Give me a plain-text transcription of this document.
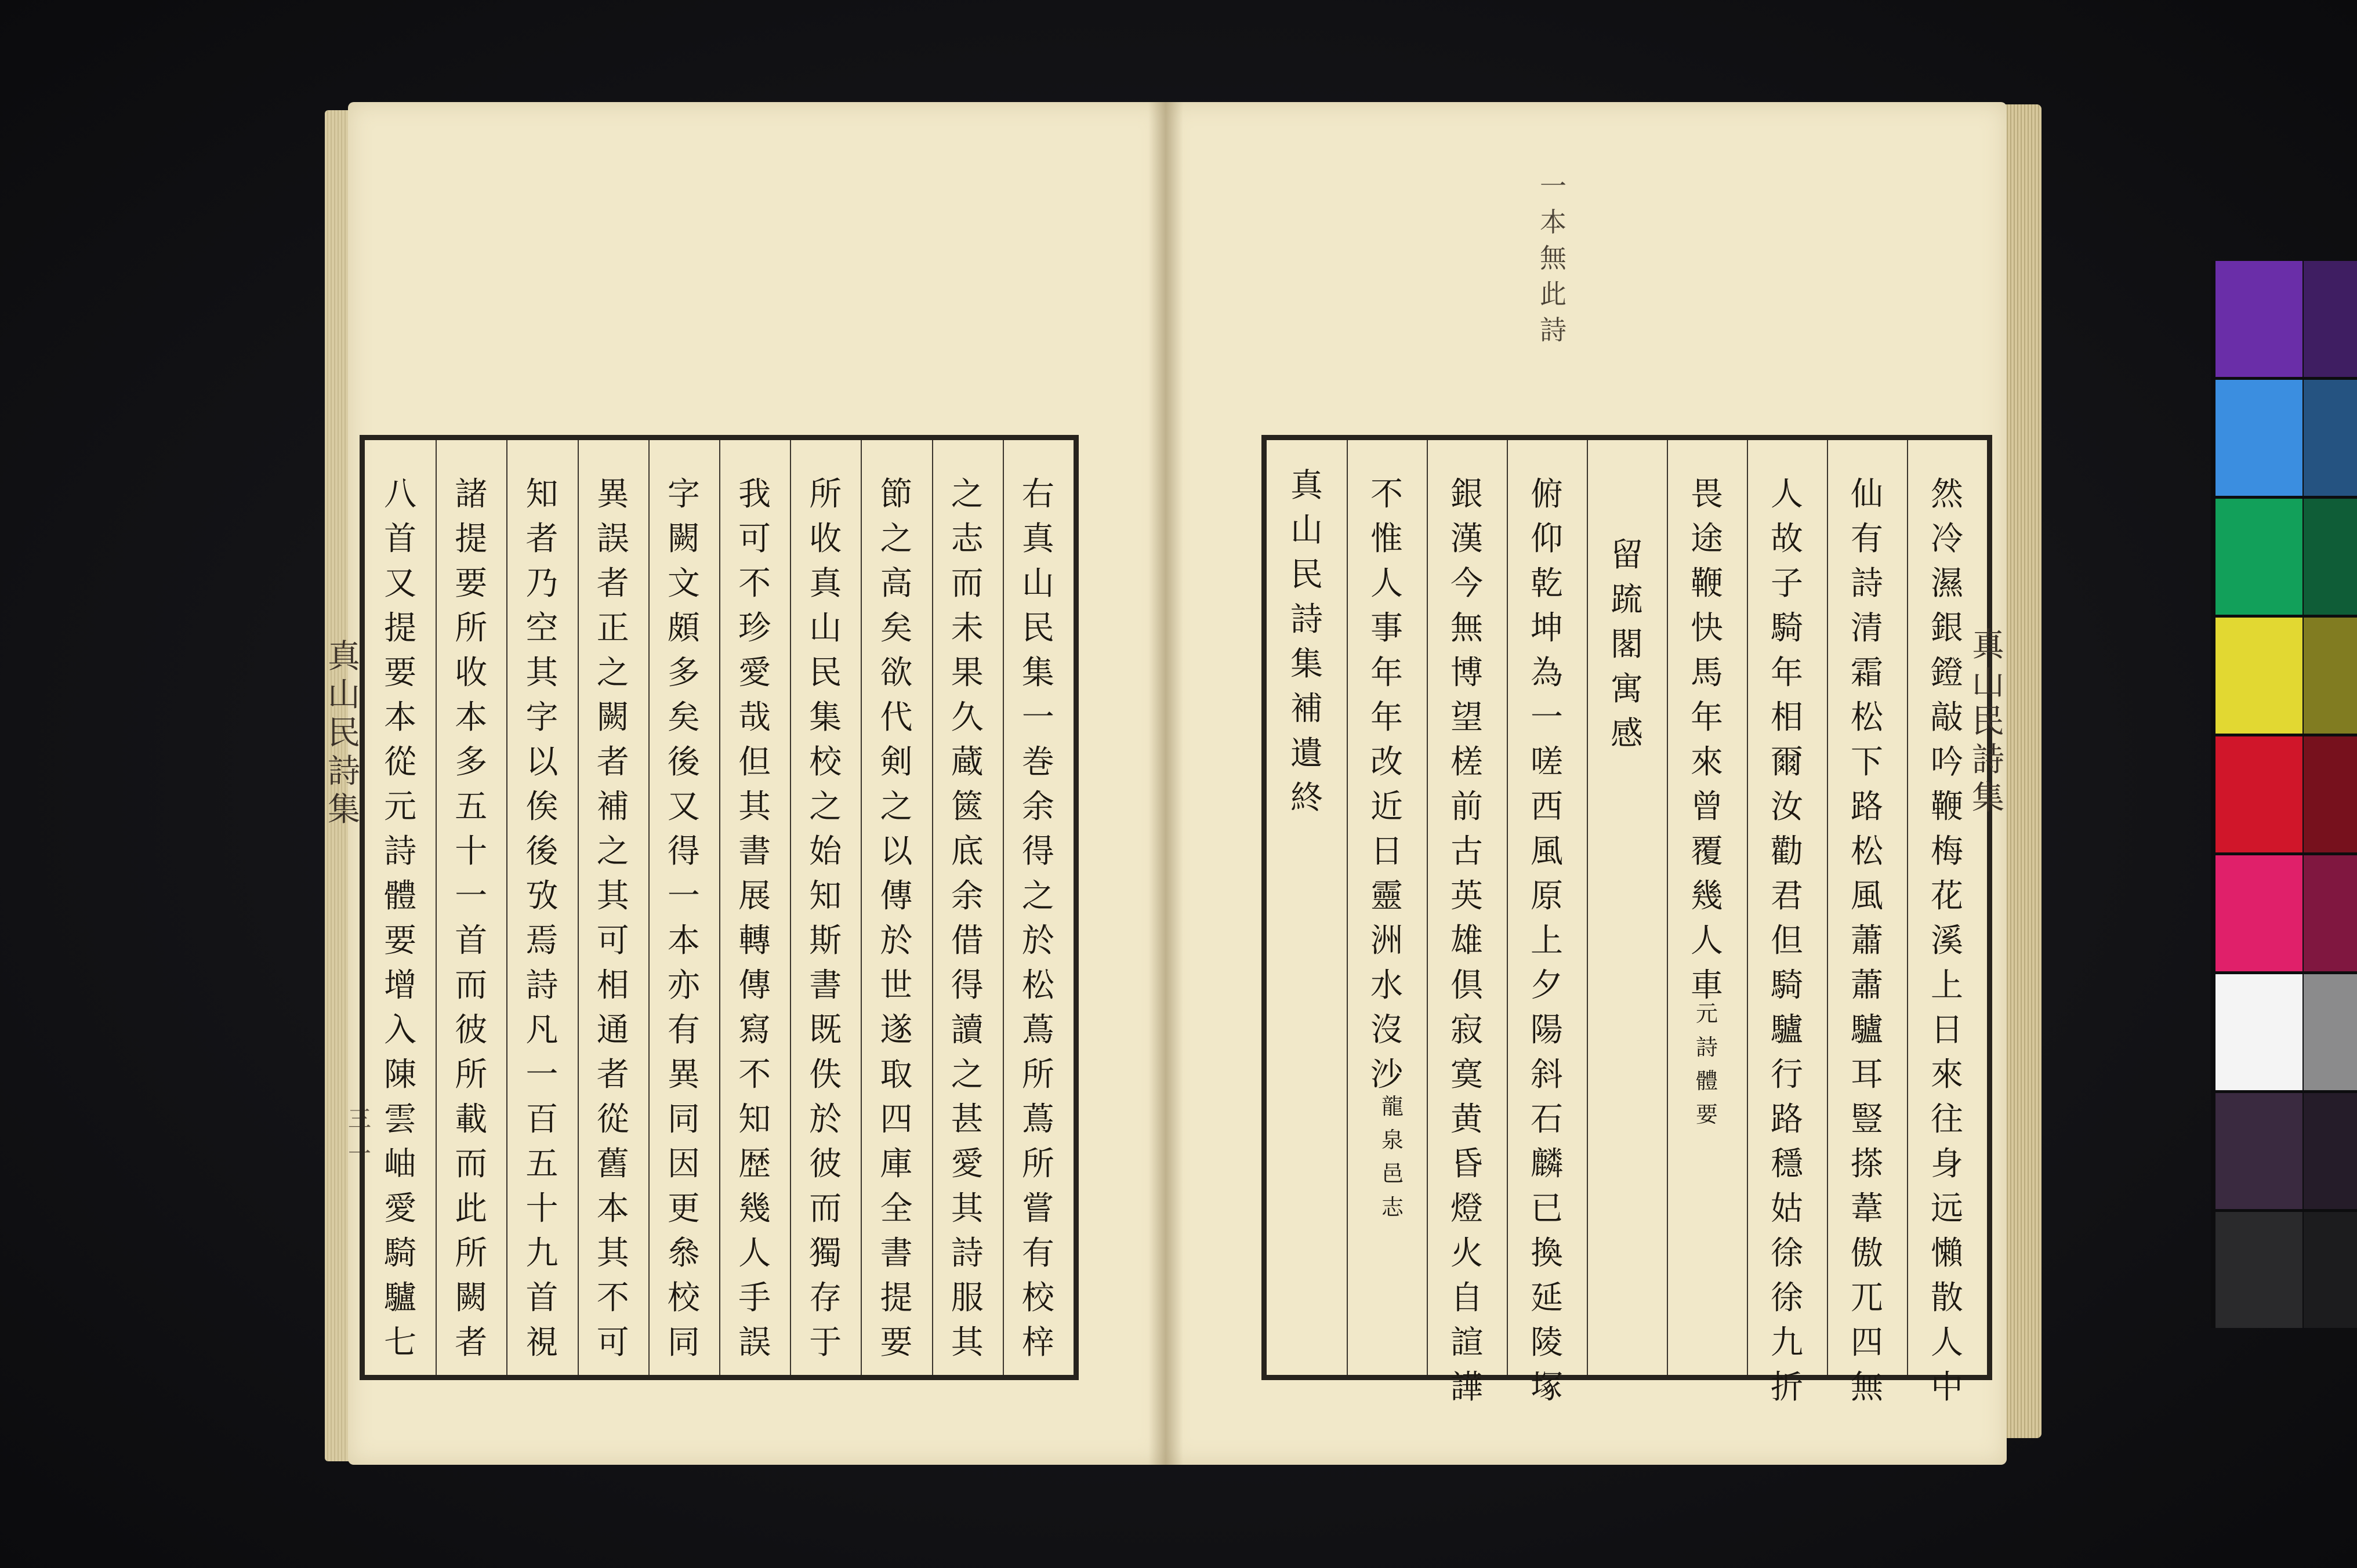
真
山
民
詩
集
三
一
右
真
山
民
集
一
巻
余
得
之
於
松
蔦
所
蔦
所
嘗
有
校
梓
之
志
而
未
果
久
蔵
篋
底
余
借
得
讀
之
甚
愛
其
詩
服
其
節
之
高
矣
欲
代
剣
之
以
傳
於
世
遂
取
四
庫
全
書
提
要
所
收
真
山
民
集
校
之
始
知
斯
書
既
佚
於
彼
而
獨
存
于
我
可
不
珍
愛
哉
但
其
書
展
轉
傳
寫
不
知
歴
幾
人
手
誤
字
闕
文
頗
多
矣
後
又
得
一
本
亦
有
異
同
因
更
叅
校
同
異
誤
者
正
之
闕
者
補
之
其
可
相
通
者
從
舊
本
其
不
可
知
者
乃
空
其
字
以
俟
後
攷
焉
詩
凡
一
百
五
十
九
首
視
諸
提
要
所
收
本
多
五
十
一
首
而
彼
所
載
而
此
所
闕
者
八
首
又
提
要
本
從
元
詩
體
要
增
入
陳
雲
岫
愛
騎
驢
七
一
本
無
此
詩
真
山
民
詩
集
補
遺
終
不
惟
人
事
年
年
改
近
日
靈
洲
水
沒
沙
銀
漢
今
無
博
望
槎
前
古
英
雄
倶
寂
寞
黄
昏
燈
火
自
諠
譁
俯
仰
乾
坤
為
一
嗟
西
風
原
上
夕
陽
斜
石
麟
已
換
延
陵
塚
留
䟽
閣
寓
感
畏
途
鞭
快
馬
年
來
曾
覆
幾
人
車
人
故
子
騎
年
相
爾
汝
勸
君
但
騎
驢
行
路
穩
姑
徐
徐
九
折
仙
有
詩
清
霜
松
下
路
松
風
蕭
蕭
驢
耳
豎
搽
葦
傲
兀
四
無
然
冷
濕
銀
鐙
敲
吟
鞭
梅
花
溪
上
日
來
往
身
远
懶
散
人
中
元
詩
體
要
龍
泉
邑
志
真
山
民
詩
集
